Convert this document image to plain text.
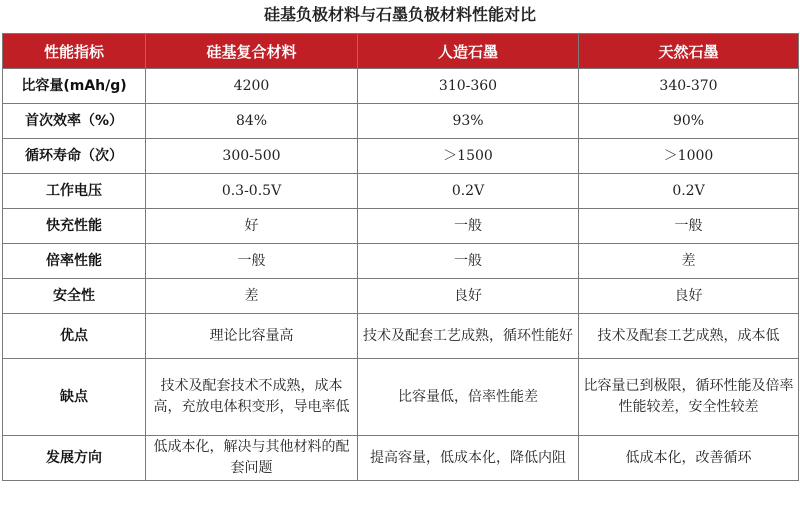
硅基负极材料与石墨负极材料性能对比
性能指标	硅基复合材料	人造石墨	天然石墨
比容量(mAh/g)	4200	310-360	340-370
首次效率（%）	84%	93%	90%
循环寿命（次）	300-500	＞1500	＞1000
工作电压	0.3-0.5V	0.2V	0.2V
快充性能	好	一般	一般
倍率性能	一般	一般	差
安全性	差	良好	良好
优点	理论比容量高	技术及配套工艺成熟，循环性能好	技术及配套工艺成熟，成本低
缺点	技术及配套技术不成熟，成本高，充放电体积变形，导电率低	比容量低，倍率性能差	比容量已到极限，循环性能及倍率性能较差，安全性较差
发展方向	低成本化，解决与其他材料的配套问题	提高容量，低成本化，降低内阻	低成本化，改善循环
